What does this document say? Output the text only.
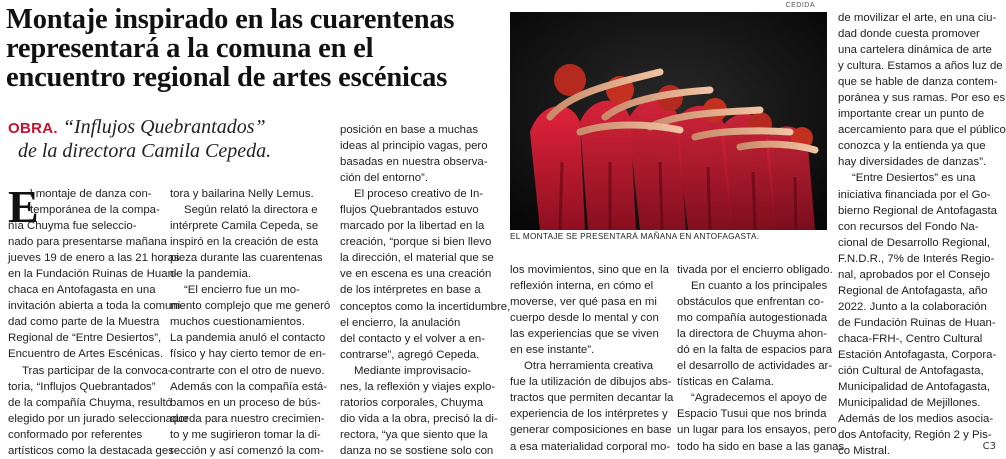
Montaje inspirado en las cuarentenas
representará a la comuna en el
encuentro regional de artes escénicas
OBRA. “Influjos Quebrantados”
de la directora Camila Cepeda.
CEDIDA
EL MONTAJE SE PRESENTARÁ MAÑANA EN ANTOFAGASTA.
E
l montaje de danza con-
temporánea de la compa-
ñía Chuyma fue seleccio-
nado para presentarse mañana
jueves 19 de enero a las 21 horas
en la Fundación Ruinas de Huan-
chaca en Antofagasta en una
invitación abierta a toda la comuni-
dad como parte de la Muestra
Regional de “Entre Desiertos”,
Encuentro de Artes Escénicas.
Tras participar de la convoca-
toria, “Influjos Quebrantados”
de la compañía Chuyma, resultó
elegido por un jurado seleccionador
conformado por referentes
artísticos como la destacada ges-
tora y bailarina Nelly Lemus.
Según relató la directora e
intérprete Camila Cepeda, se
inspiró en la creación de esta
pieza durante las cuarentenas
de la pandemia.
“El encierro fue un mo-
mento complejo que me generó
muchos cuestionamientos.
La pandemia anuló el contacto
físico y hay cierto temor de en-
contrarte con el otro de nuevo.
Además con la compañía está-
bamos en un proceso de bús-
queda para nuestro crecimien-
to y me sugirieron tomar la di-
rección y así comenzó la com-
posición en base a muchas
ideas al principio vagas, pero
basadas en nuestra observa-
ción del entorno”.
El proceso creativo de In-
flujos Quebrantados estuvo
marcado por la libertad en la
creación, “porque si bien llevo
la dirección, el material que se
ve en escena es una creación
de los intérpretes en base a
conceptos como la incertidumbre,
el encierro, la anulación
del contacto y el volver a en-
contrarse”, agregó Cepeda.
Mediante improvisacio-
nes, la reflexión y viajes explo-
ratorios corporales, Chuyma
dio vida a la obra, precisó la di-
rectora, “ya que siento que la
danza no se sostiene solo con
los movimientos, sino que en la
reflexión interna, en cómo el
moverse, ver qué pasa en mi
cuerpo desde lo mental y con
las experiencias que se viven
en ese instante”.
Otra herramienta creativa
fue la utilización de dibujos abs-
tractos que permiten decantar la
experiencia de los intérpretes y
generar composiciones en base
a esa materialidad corporal mo-
tivada por el encierro obligado.
En cuanto a los principales
obstáculos que enfrentan co-
mo compañía autogestionada
la directora de Chuyma ahon-
dó en la falta de espacios para
el desarrollo de actividades ar-
tísticas en Calama.
“Agradecemos el apoyo de
Espacio Tusui que nos brinda
un lugar para los ensayos, pero
todo ha sido en base a las ganas
de movilizar el arte, en una ciu-
dad donde cuesta promover
una cartelera dinámica de arte
y cultura. Estamos a años luz de
que se hable de danza contem-
poránea y sus ramas. Por eso es
importante crear un punto de
acercamiento para que el público
conozca y la entienda ya que
hay diversidades de danzas”.
“Entre Desiertos” es una
iniciativa financiada por el Go-
bierno Regional de Antofagasta
con recursos del Fondo Na-
cional de Desarrollo Regional,
F.N.D.R., 7% de Interés Regio-
nal, aprobados por el Consejo
Regional de Antofagasta, año
2022. Junto a la colaboración
de Fundación Ruinas de Huan-
chaca-FRH-, Centro Cultural
Estación Antofagasta, Corpora-
ción Cultural de Antofagasta,
Municipalidad de Antofagasta,
Municipalidad de Mejillones.
Además de los medios asocia-
dos Antofacity, Región 2 y Pis-
co Mistral.	C3
